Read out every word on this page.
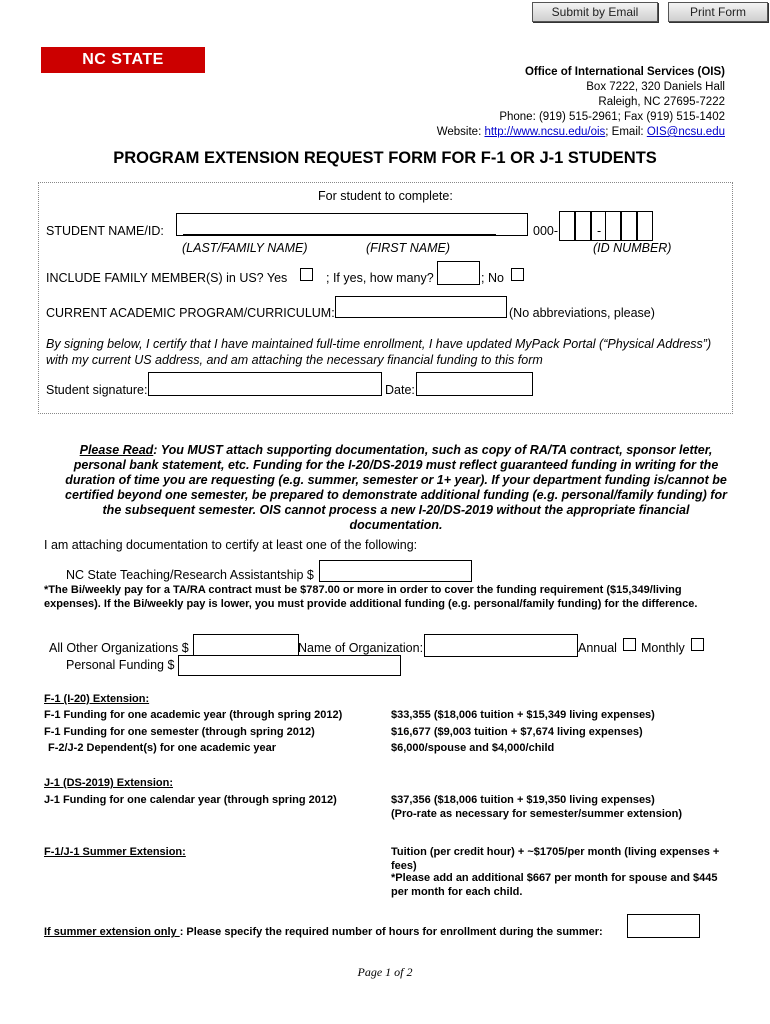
Submit by Email	Print Form
NC STATE UNIVERSITY
Office of International Services (OIS)
Box 7222, 320 Daniels Hall
Raleigh, NC 27695-7222
Phone: (919) 515-2961; Fax (919) 515-1402
Website: http://www.ncsu.edu/ois; Email: OIS@ncsu.edu
PROGRAM EXTENSION REQUEST FORM FOR F-1 OR J-1 STUDENTS
For student to complete:
STUDENT NAME/ID:	000-	-
(LAST/FAMILY NAME)	(FIRST NAME)	(ID NUMBER)
INCLUDE FAMILY MEMBER(S) in US? Yes	; If yes, how many?	; No
CURRENT ACADEMIC PROGRAM/CURRICULUM:	(No abbreviations, please)
By signing below, I certify that I have maintained full-time enrollment, I have updated MyPack Portal (“Physical Address”) with my current US address, and am attaching the necessary financial funding to this form
Student signature:	Date:
Please Read: You MUST attach supporting documentation, such as copy of RA/TA contract, sponsor letter, personal bank statement, etc. Funding for the I-20/DS-2019 must reflect guaranteed funding in writing for the duration of time you are requesting (e.g. summer, semester or 1+ year). If your department funding is/cannot be certified beyond one semester, be prepared to demonstrate additional funding (e.g. personal/family funding) for the subsequent semester. OIS cannot process a new I-20/DS-2019 without the appropriate financial documentation.
I am attaching documentation to certify at least one of the following:
NC State Teaching/Research Assistantship $
*The Bi/weekly pay for a TA/RA contract must be $787.00 or more in order to cover the funding requirement ($15,349/living expenses). If the Bi/weekly pay is lower, you must provide additional funding (e.g. personal/family funding) for the difference.
All Other Organizations $	Name of Organization:	Annual Monthly
Personal Funding $
F-1 (I-20) Extension:
F-1 Funding for one academic year (through spring 2012)	$33,355 ($18,006 tuition + $15,349 living expenses)
F-1 Funding for one semester (through spring 2012)	$16,677 ($9,003 tuition + $7,674 living expenses)
F-2/J-2 Dependent(s) for one academic year	$6,000/spouse and $4,000/child
J-1 (DS-2019) Extension:
J-1 Funding for one calendar year (through spring 2012)	$37,356 ($18,006 tuition + $19,350 living expenses)
(Pro-rate as necessary for semester/summer extension)
F-1/J-1 Summer Extension:	Tuition (per credit hour) + ~$1705/per month (living expenses + fees)
*Please add an additional $667 per month for spouse and $445 per month for each child.
If summer extension only : Please specify the required number of hours for enrollment during the summer:
Page 1 of 2
